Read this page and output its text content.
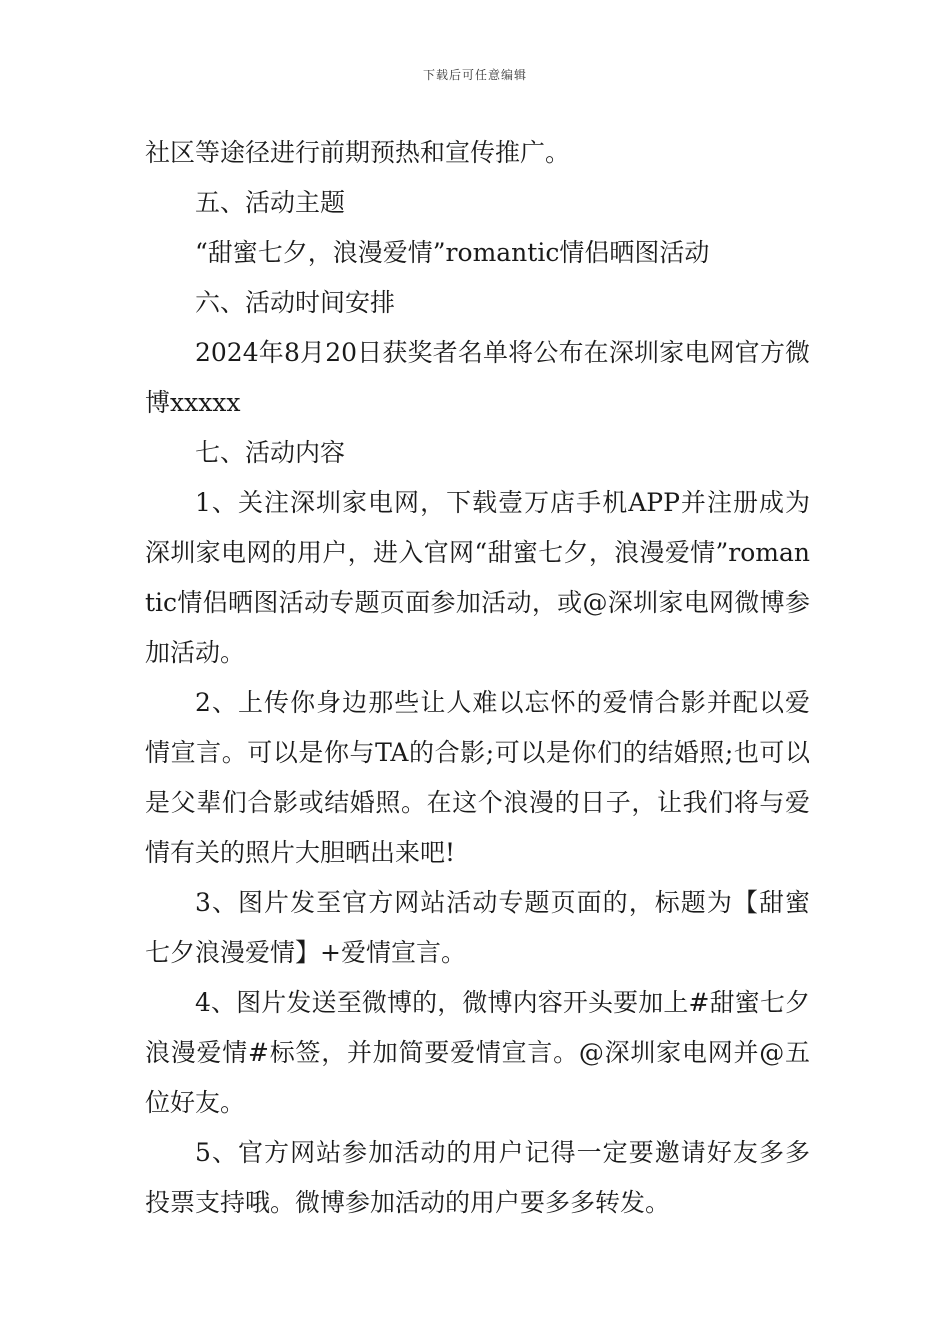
下载后可任意编辑

社区等途径进行前期预热和宣传推广。

五、活动主题

“甜蜜七夕，浪漫爱情”romantic情侣晒图活动

六、活动时间安排

2024年8月20日获奖者名单将公布在深圳家电网官方微博xxxxx

七、活动内容

1、关注深圳家电网，下载壹万店手机APP并注册成为深圳家电网的用户，进入官网“甜蜜七夕，浪漫爱情”romantic情侣晒图活动专题页面参加活动，或@深圳家电网微博参加活动。

2、上传你身边那些让人难以忘怀的爱情合影并配以爱情宣言。可以是你与TA的合影;可以是你们的结婚照;也可以是父辈们合影或结婚照。在这个浪漫的日子，让我们将与爱情有关的照片大胆晒出来吧!

3、图片发至官方网站活动专题页面的，标题为【甜蜜七夕浪漫爱情】+爱情宣言。

4、图片发送至微博的，微博内容开头要加上#甜蜜七夕浪漫爱情#标签，并加简要爱情宣言。@深圳家电网并@五位好友。

5、官方网站参加活动的用户记得一定要邀请好友多多投票支持哦。微博参加活动的用户要多多转发。
